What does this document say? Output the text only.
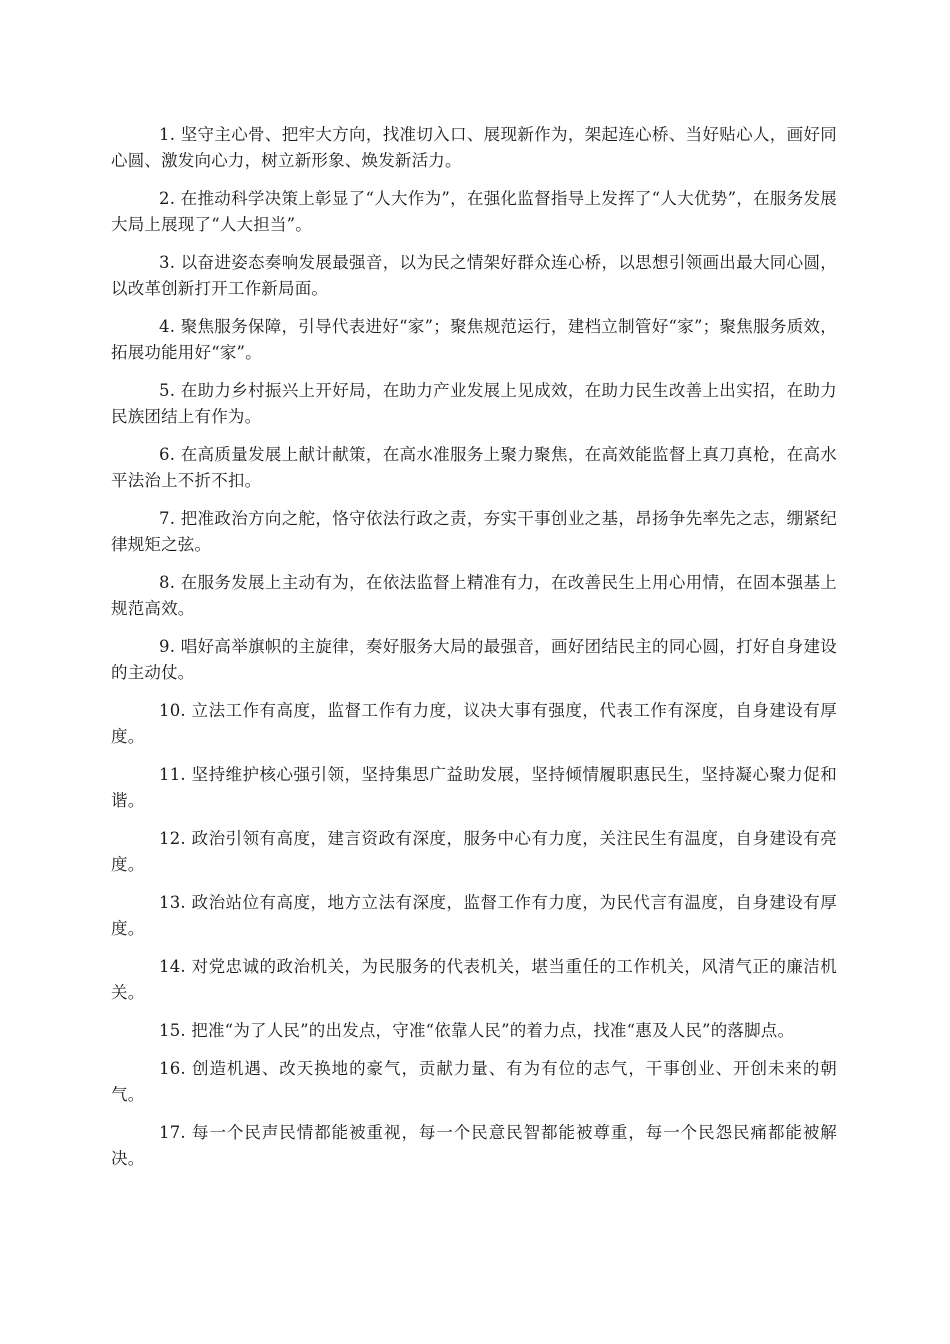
1. 坚守主心骨、把牢大方向，找准切入口、展现新作为，架起连心桥、当好贴心人，画好同心圆、激发向心力，树立新形象、焕发新活力。

2. 在推动科学决策上彰显了“人大作为”，在强化监督指导上发挥了“人大优势”，在服务发展大局上展现了“人大担当”。

3. 以奋进姿态奏响发展最强音，以为民之情架好群众连心桥，以思想引领画出最大同心圆，以改革创新打开工作新局面。

4. 聚焦服务保障，引导代表进好“家”；聚焦规范运行，建档立制管好“家”；聚焦服务质效，拓展功能用好“家”。

5. 在助力乡村振兴上开好局，在助力产业发展上见成效，在助力民生改善上出实招，在助力民族团结上有作为。

6. 在高质量发展上献计献策，在高水准服务上聚力聚焦，在高效能监督上真刀真枪，在高水平法治上不折不扣。

7. 把准政治方向之舵，恪守依法行政之责，夯实干事创业之基，昂扬争先率先之志，绷紧纪律规矩之弦。

8. 在服务发展上主动有为，在依法监督上精准有力，在改善民生上用心用情，在固本强基上规范高效。

9. 唱好高举旗帜的主旋律，奏好服务大局的最强音，画好团结民主的同心圆，打好自身建设的主动仗。

10. 立法工作有高度，监督工作有力度，议决大事有强度，代表工作有深度，自身建设有厚度。

11. 坚持维护核心强引领，坚持集思广益助发展，坚持倾情履职惠民生，坚持凝心聚力促和谐。

12. 政治引领有高度，建言资政有深度，服务中心有力度，关注民生有温度，自身建设有亮度。

13. 政治站位有高度，地方立法有深度，监督工作有力度，为民代言有温度，自身建设有厚度。

14. 对党忠诚的政治机关，为民服务的代表机关，堪当重任的工作机关，风清气正的廉洁机关。

15. 把准“为了人民”的出发点，守准“依靠人民”的着力点，找准“惠及人民”的落脚点。

16. 创造机遇、改天换地的豪气，贡献力量、有为有位的志气，干事创业、开创未来的朝气。

17. 每一个民声民情都能被重视，每一个民意民智都能被尊重，每一个民怨民痛都能被解决。
